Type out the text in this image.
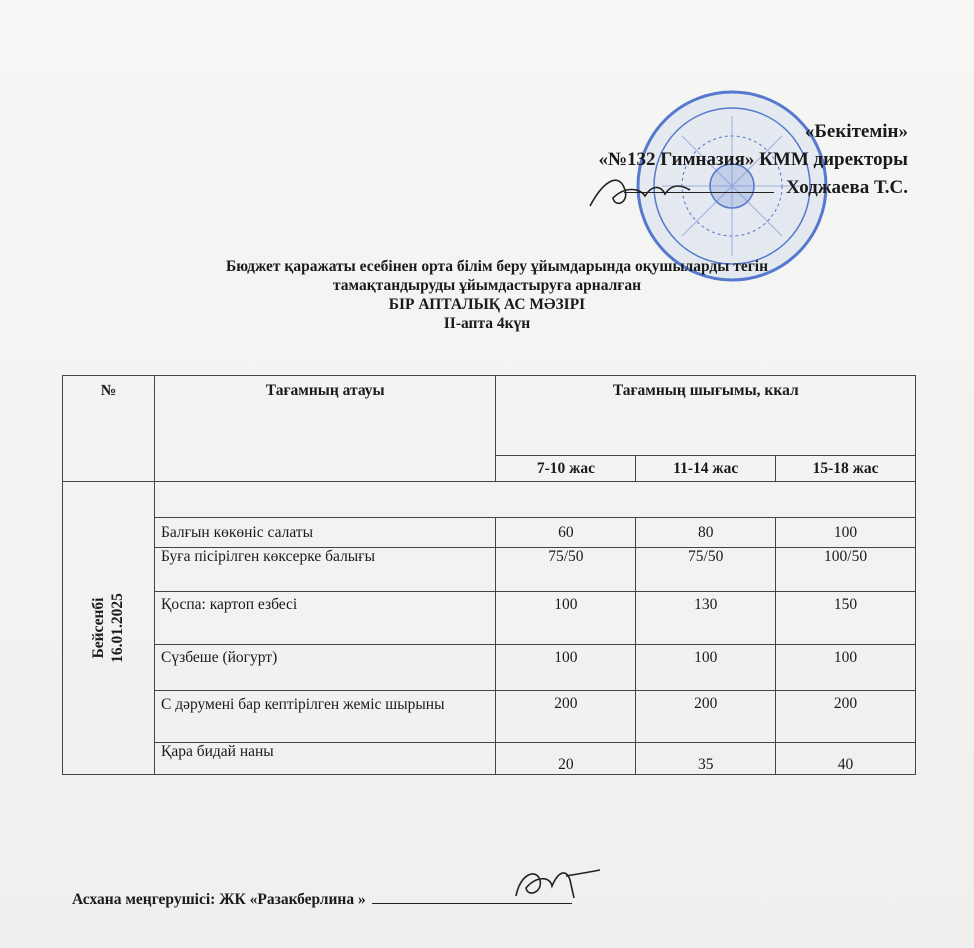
«Бекітемін»
«№132 Гимназия» КММ директоры
Ходжаева Т.С.
Бюджет қаражаты есебінен орта білім беру ұйымдарында оқушыларды тегін
тамақтандыруды ұйымдастыруға арналған
БІР АПТАЛЫҚ АС МӘЗІРІ
II-апта 4күн
№	Тағамның атауы	Тағамның шығымы, ккал		
		7-10 жас	11-14 жас	15-18 жас

Бейсенбі 16.01.2025				

	Балғын көкөніс салаты	60	80	100
	Буға пісірілген көксерке балығы	75/50	75/50	100/50
	Қоспа: картоп езбесі	100	130	150
	Сүзбеше (йогурт)	100	100	100
	С дәрумені бар кептірілген жеміс шырыны	200	200	200
	Қара бидай наны	20	35	40
Асхана меңгерушісі: ЖК «Разакберлина »
